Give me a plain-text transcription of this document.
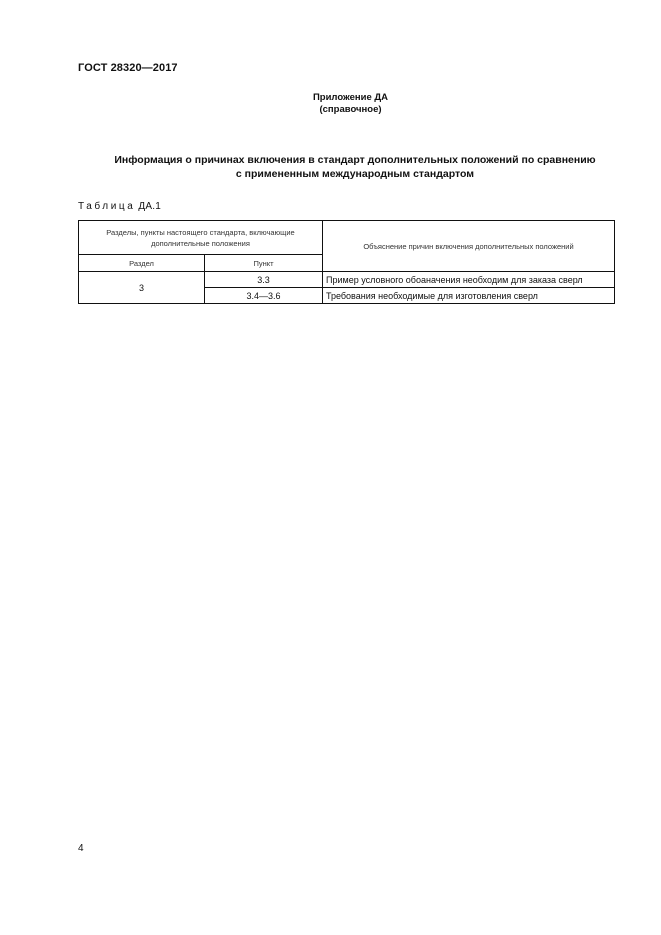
ГОСТ 28320—2017
Приложение ДА
(справочное)
Информация о причинах включения в стандарт дополнительных положений по сравнению
с примененным международным стандартом
Таблица ДА.1
Разделы, пункты настоящего стандарта, включающие дополнительные положения		Объяснение причин включения дополнительных положений
Раздел	Пункт	
3	3.3	Пример условного обоаначения необходим для заказа сверл
	3.4—3.6	Требования необходимые для изготовления сверл
4
